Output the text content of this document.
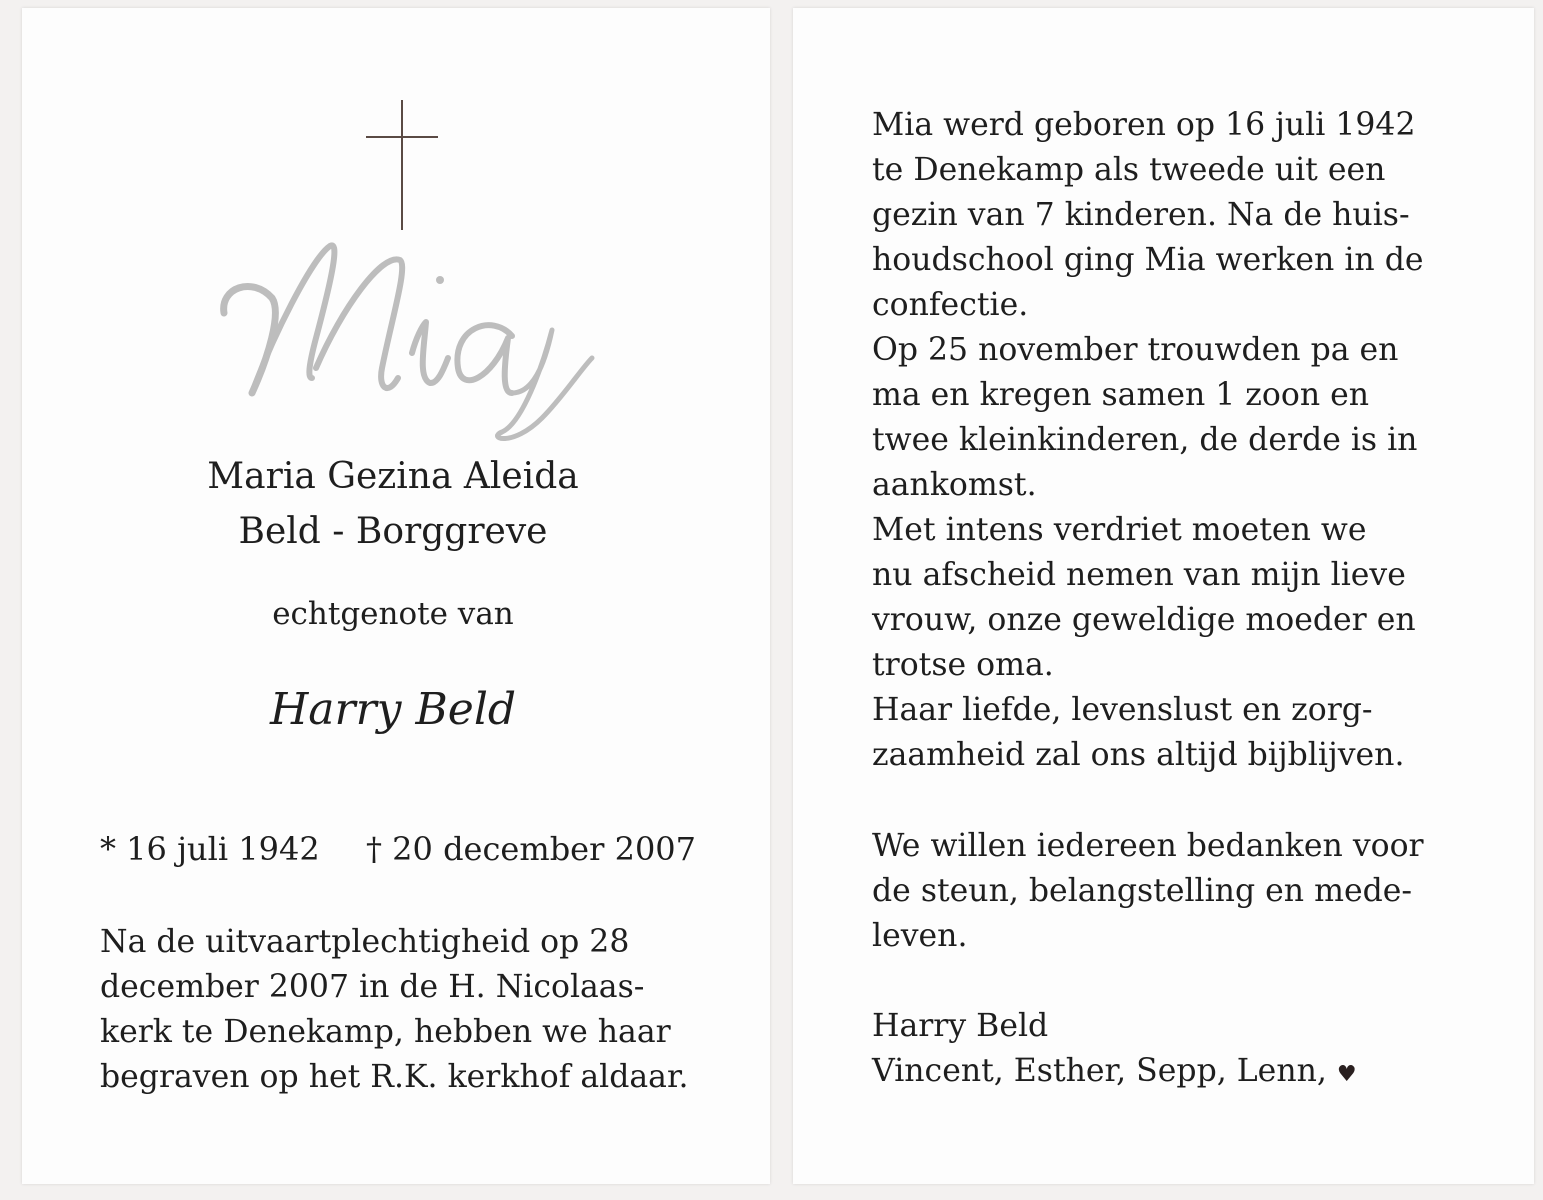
Mia
Maria Gezina Aleida
Beld - Borggreve
echtgenote van
Harry Beld
* 16 juli 1942 † 20 december 2007
Na de uitvaartplechtigheid op 28
december 2007 in de H. Nicolaas-
kerk te Denekamp, hebben we haar
begraven op het R.K. kerkhof aldaar.
Mia werd geboren op 16 juli 1942
te Denekamp als tweede uit een
gezin van 7 kinderen. Na de huis-
houdschool ging Mia werken in de
confectie.
Op 25 november trouwden pa en
ma en kregen samen 1 zoon en
twee kleinkinderen, de derde is in
aankomst.
Met intens verdriet moeten we
nu afscheid nemen van mijn lieve
vrouw, onze geweldige moeder en
trotse oma.
Haar liefde, levenslust en zorg-
zaamheid zal ons altijd bijblijven.
We willen iedereen bedanken voor
de steun, belangstelling en mede-
leven.
Harry Beld
Vincent, Esther, Sepp, Lenn, ♥
